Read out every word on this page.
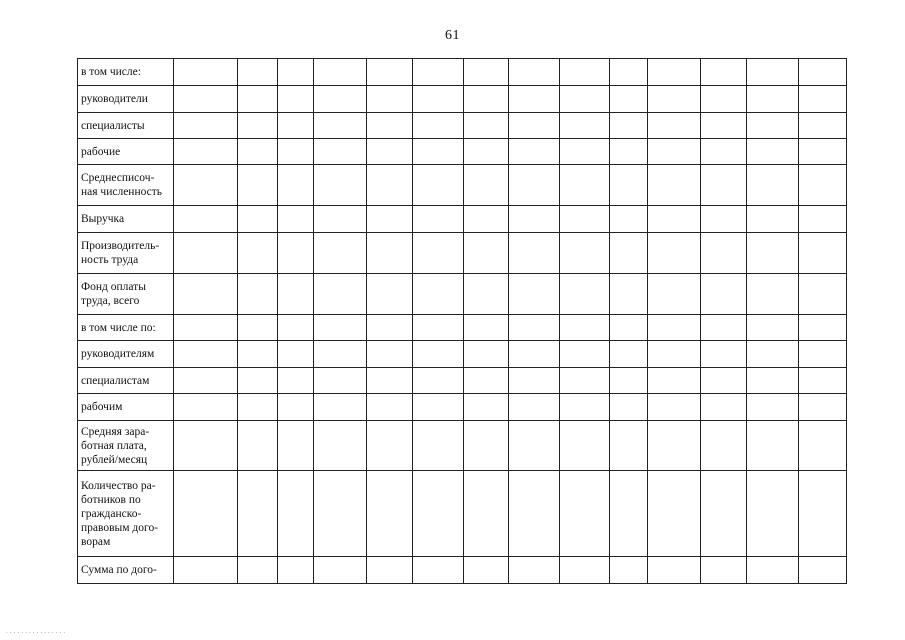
61
в том числе:														

руководители														

специалисты														

рабочие														

Среднесписоч-
ная численность														

Выручка														

Производитель-
ность труда														

Фонд оплаты
труда, всего														

в том числе по:														

руководителям														

специалистам														

рабочим														

Средняя зара-
ботная плата,
рублей/месяц														

Количество ра-
ботников по
гражданско-
правовым дого-
ворам														

Сумма по дого-														

· · · · · · · · · · · · · · · ·
